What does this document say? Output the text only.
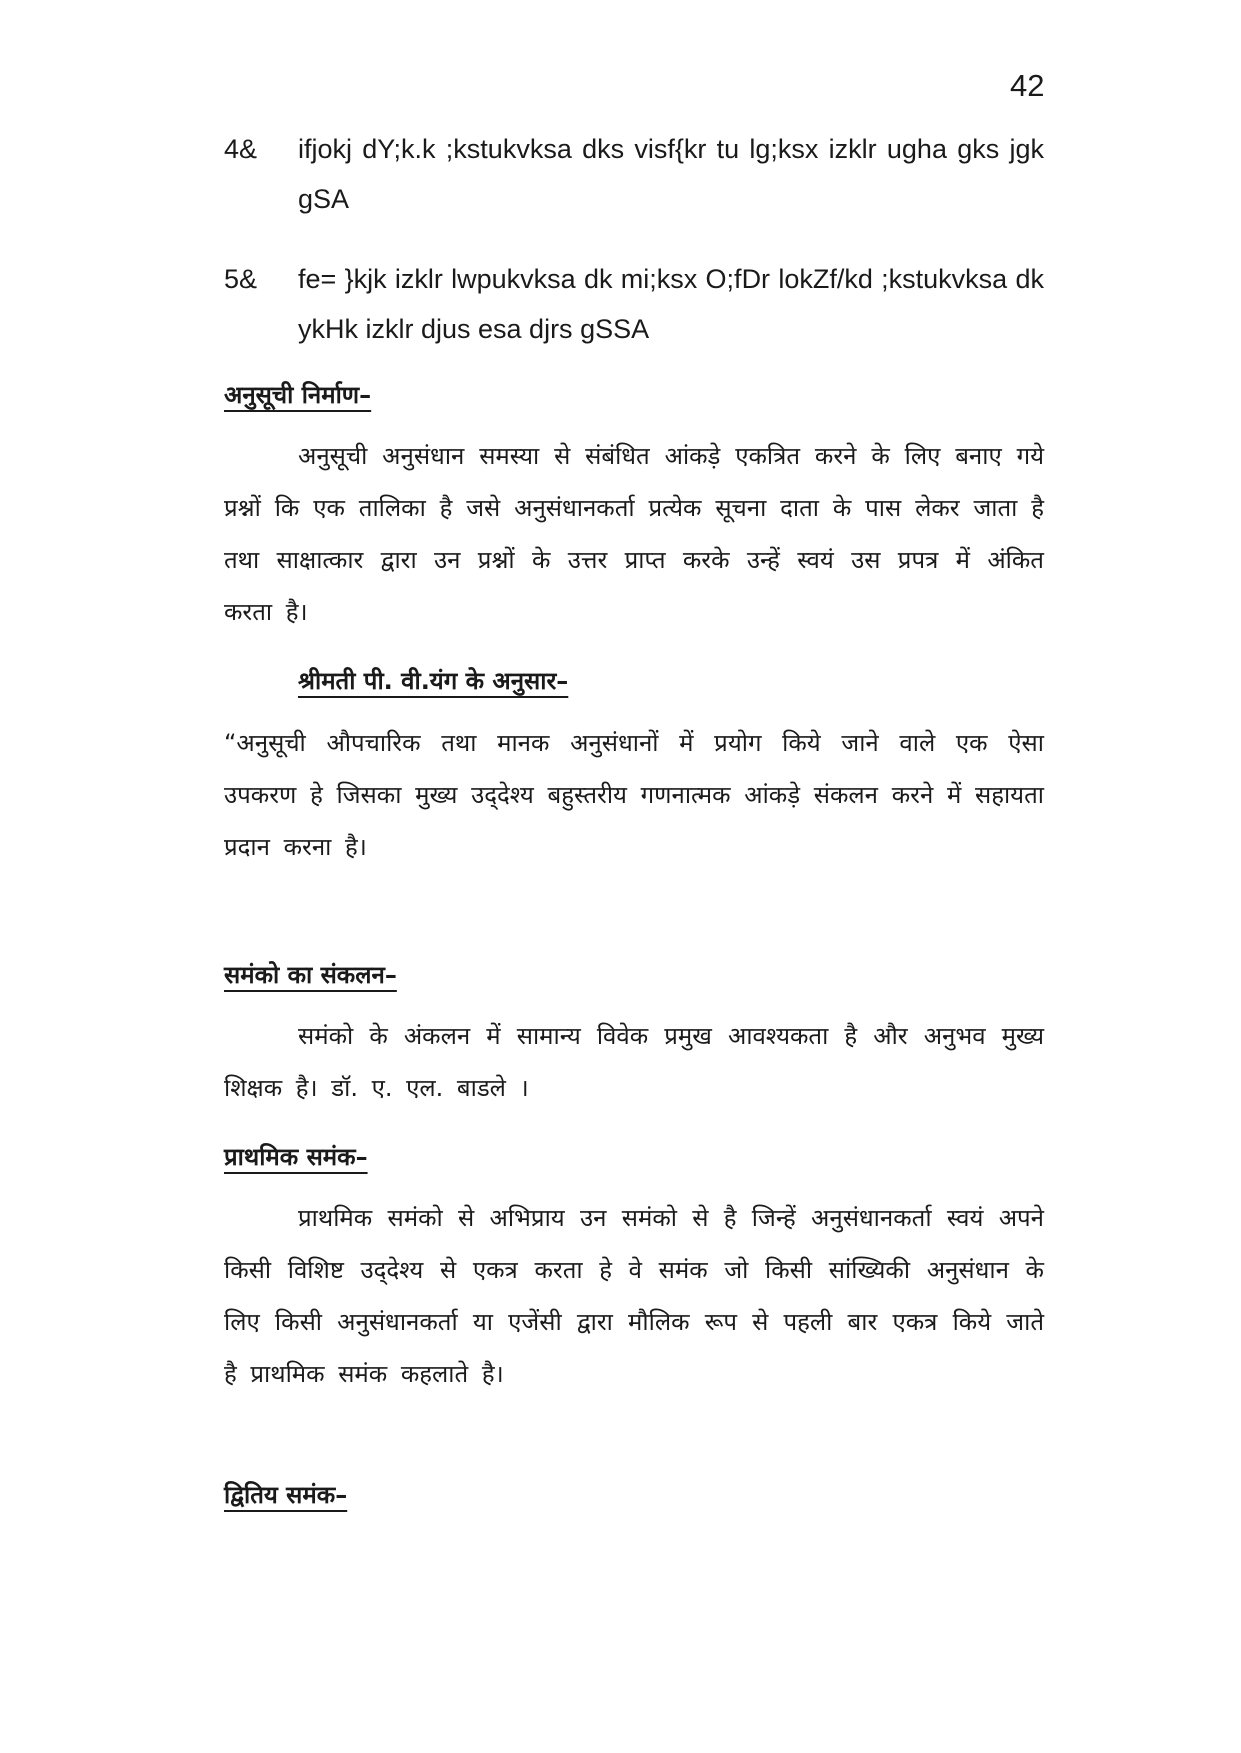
42
4& ifjokj dY;k.k ;kstukvksa dks visf{kr tu lg;ksx izklr ugha gks jgk gSA
5& fe= }kjk izklr lwpukvksa dk mi;ksx O;fDr lokZf/kd ;kstukvksa dk ykHk izklr djus esa djrs gSSA
अनुसूची निर्माण–
अनुसूची अनुसंधान समस्या से संबंधित आंकड़े एकत्रित करने के लिए बनाए गये प्रश्नों कि एक तालिका है जसे अनुसंधानकर्ता प्रत्येक सूचना दाता के पास लेकर जाता है तथा साक्षात्कार द्वारा उन प्रश्नों के उत्तर प्राप्त करके उन्हें स्वयं उस प्रपत्र में अंकित करता है।
श्रीमती पी. वी.यंग के अनुसार–
“अनुसूची औपचारिक तथा मानक अनुसंधानों में प्रयोग किये जाने वाले एक ऐसा उपकरण हे जिसका मुख्य उद्‌देश्य बहुस्तरीय गणनात्मक आंकड़े संकलन करने में सहायता प्रदान करना है।
समंको का संकलन–
समंको के अंकलन में सामान्य विवेक प्रमुख आवश्यकता है और अनुभव मुख्य शिक्षक है। डॉ. ए. एल. बाडले ।
प्राथमिक समंक–
प्राथमिक समंको से अभिप्राय उन समंको से है जिन्हें अनुसंधानकर्ता स्वयं अपने किसी विशिष्ट उद्‌देश्य से एकत्र करता हे वे समंक जो किसी सांख्यिकी अनुसंधान के लिए किसी अनुसंधानकर्ता या एजेंसी द्वारा मौलिक रूप से पहली बार एकत्र किये जाते है प्राथमिक समंक कहलाते है।
द्वितिय समंक–
